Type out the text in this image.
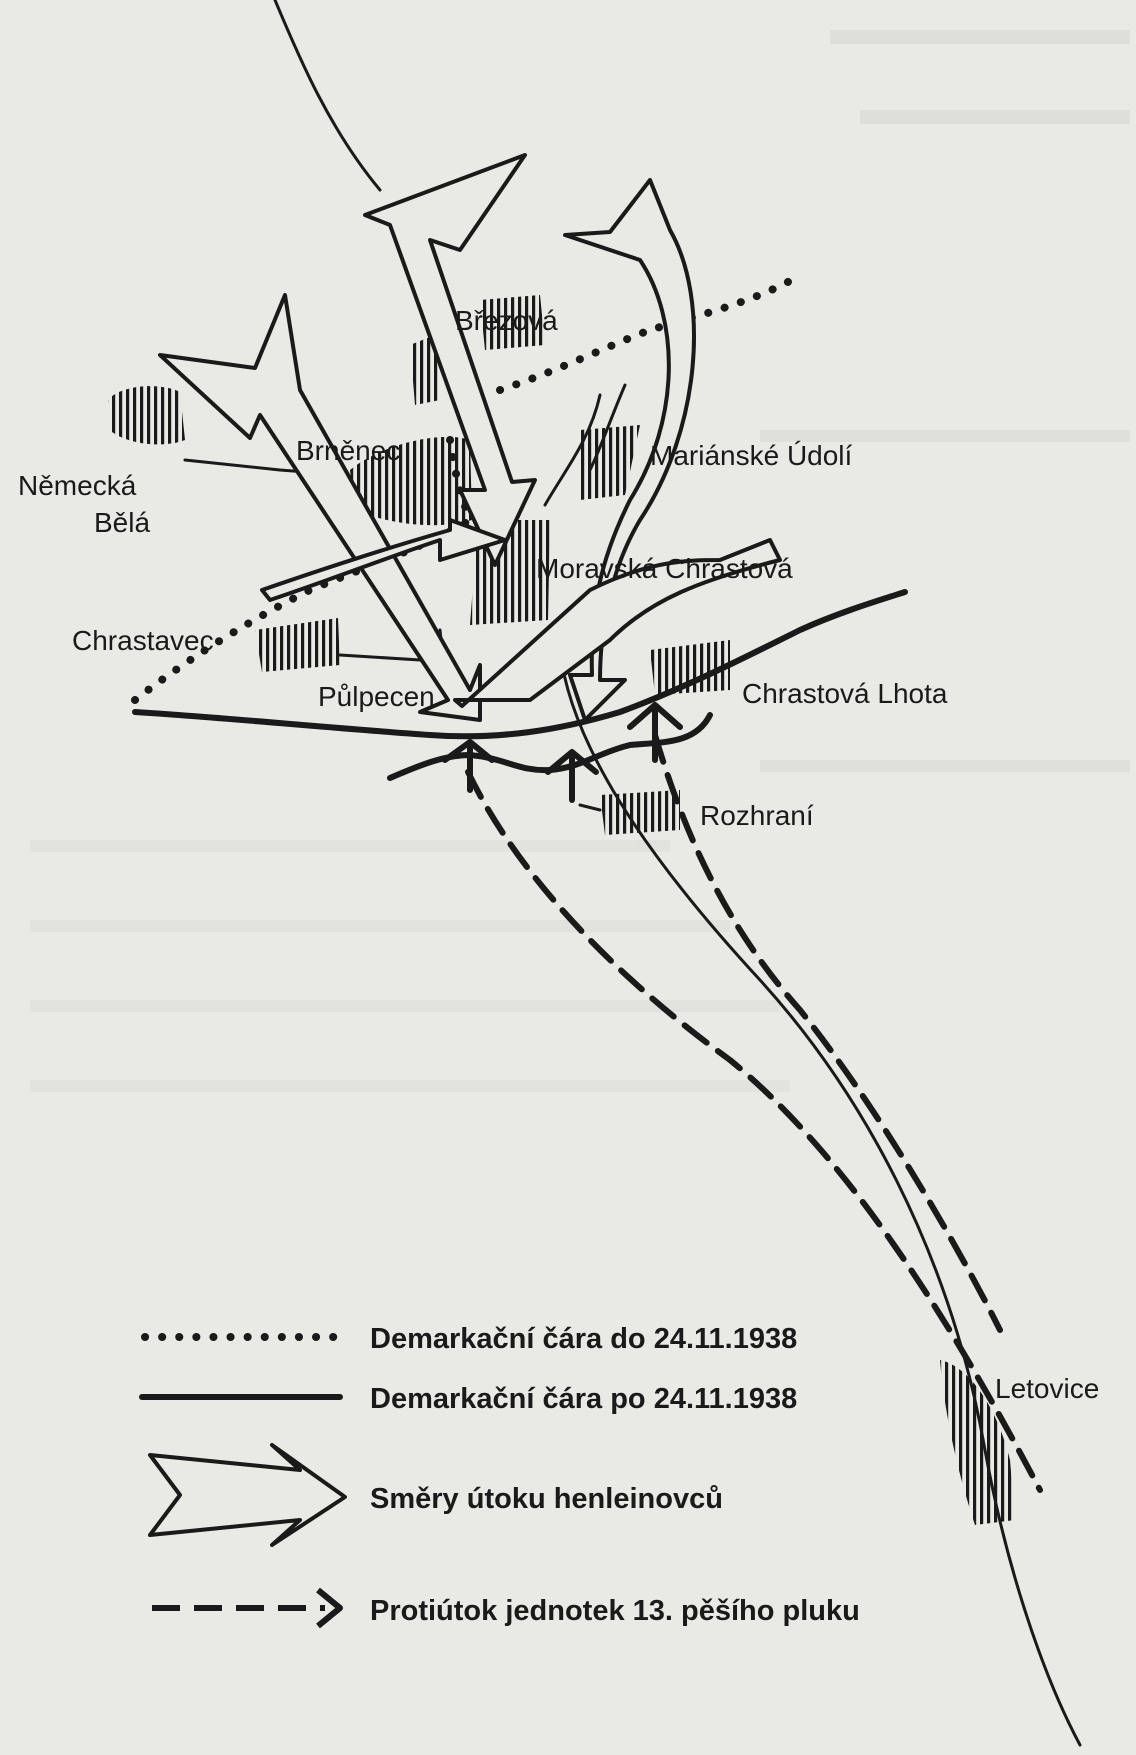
Březová
Brněnec	Mariánské Údolí
Německá
Bělá
Moravská Chrastová
Chrastavec
Půlpecen	Chrastová Lhota
Rozhraní
Letovice
Demarkační čára do 24.11.1938
Demarkační čára po 24.11.1938
Směry útoku henleinovců
Protiútok jednotek 13. pěšího pluku
